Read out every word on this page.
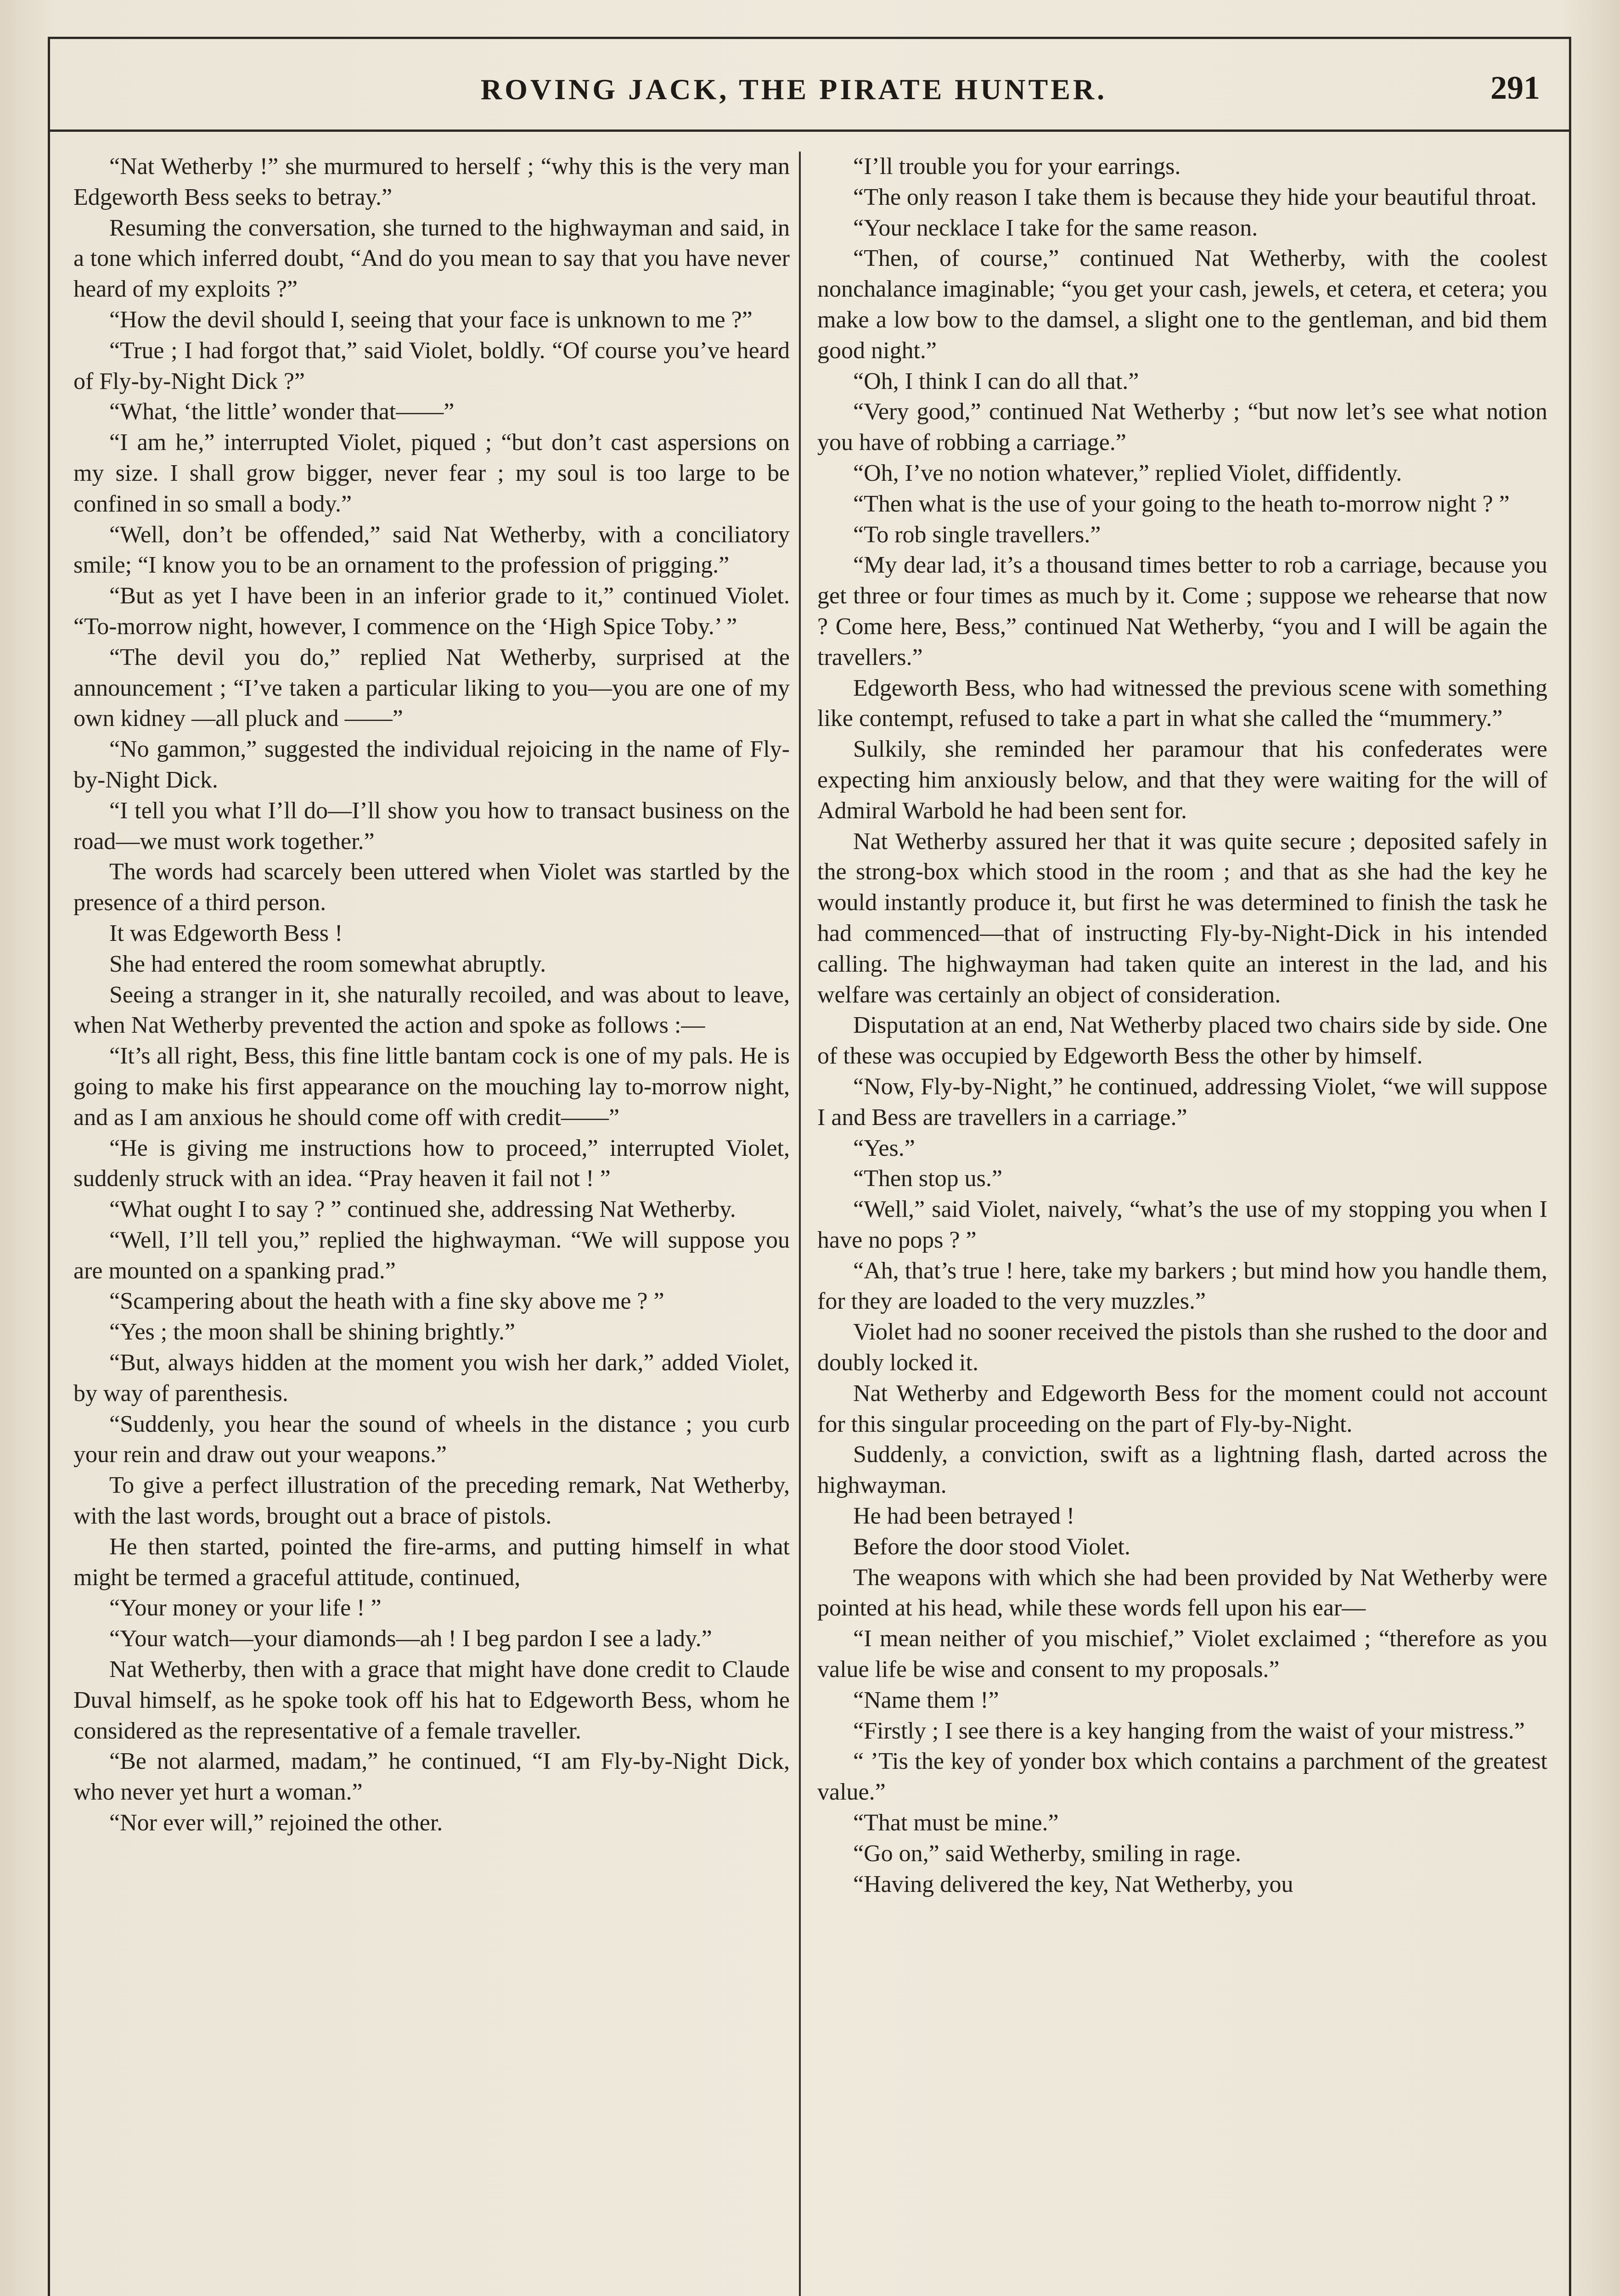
ROVING JACK, THE PIRATE HUNTER.	291

“Nat Wetherby !” she murmured to herself ; “why this is the very man Edgeworth Bess seeks to betray.”

Resuming the conversation, she turned to the highwayman and said, in a tone which inferred doubt, “And do you mean to say that you have never heard of my exploits ?”

“How the devil should I, seeing that your face is unknown to me ?”

“True ; I had forgot that,” said Violet, boldly. “Of course you’ve heard of Fly-by-Night Dick ?”

“What, ‘the little’ wonder that——”

“I am he,” interrupted Violet, piqued ; “but don’t cast aspersions on my size. I shall grow bigger, never fear ; my soul is too large to be confined in so small a body.”

“Well, don’t be offended,” said Nat Wetherby, with a conciliatory smile; “I know you to be an ornament to the profession of prigging.”

“But as yet I have been in an inferior grade to it,” continued Violet. “To-morrow night, however, I commence on the ‘High Spice Toby.’ ”

“The devil you do,” replied Nat Wetherby, surprised at the announcement ; “I’ve taken a particular liking to you—you are one of my own kidney —all pluck and ——”

“No gammon,” suggested the individual rejoicing in the name of Fly-by-Night Dick.

“I tell you what I’ll do—I’ll show you how to transact business on the road—we must work together.”

The words had scarcely been uttered when Violet was startled by the presence of a third person.

It was Edgeworth Bess !

She had entered the room somewhat abruptly.

Seeing a stranger in it, she naturally recoiled, and was about to leave, when Nat Wetherby prevented the action and spoke as follows :—

“It’s all right, Bess, this fine little bantam cock is one of my pals. He is going to make his first appearance on the mouching lay to-morrow night, and as I am anxious he should come off with credit——”

“He is giving me instructions how to proceed,” interrupted Violet, suddenly struck with an idea. “Pray heaven it fail not ! ”

“What ought I to say ? ” continued she, addressing Nat Wetherby.

“Well, I’ll tell you,” replied the highwayman. “We will suppose you are mounted on a spanking prad.”

“Scampering about the heath with a fine sky above me ? ”

“Yes ; the moon shall be shining brightly.”

“But, always hidden at the moment you wish her dark,” added Violet, by way of parenthesis.

“Suddenly, you hear the sound of wheels in the distance ; you curb your rein and draw out your weapons.”

To give a perfect illustration of the preceding remark, Nat Wetherby, with the last words, brought out a brace of pistols.

He then started, pointed the fire-arms, and putting himself in what might be termed a graceful attitude, continued,

“Your money or your life ! ”

“Your watch—your diamonds—ah ! I beg pardon I see a lady.”

Nat Wetherby, then with a grace that might have done credit to Claude Duval himself, as he spoke took off his hat to Edgeworth Bess, whom he considered as the representative of a female traveller.

“Be not alarmed, madam,” he continued, “I am Fly-by-Night Dick, who never yet hurt a woman.”

“Nor ever will,” rejoined the other.

“I’ll trouble you for your earrings.

“The only reason I take them is because they hide your beautiful throat.

“Your necklace I take for the same reason.

“Then, of course,” continued Nat Wetherby, with the coolest nonchalance imaginable; “you get your cash, jewels, et cetera, et cetera; you make a low bow to the damsel, a slight one to the gentleman, and bid them good night.”

“Oh, I think I can do all that.”

“Very good,” continued Nat Wetherby ; “but now let’s see what notion you have of robbing a carriage.”

“Oh, I’ve no notion whatever,” replied Violet, diffidently.

“Then what is the use of your going to the heath to-morrow night ? ”

“To rob single travellers.”

“My dear lad, it’s a thousand times better to rob a carriage, because you get three or four times as much by it. Come ; suppose we rehearse that now ? Come here, Bess,” continued Nat Wetherby, “you and I will be again the travellers.”

Edgeworth Bess, who had witnessed the previous scene with something like contempt, refused to take a part in what she called the “mummery.”

Sulkily, she reminded her paramour that his confederates were expecting him anxiously below, and that they were waiting for the will of Admiral Warbold he had been sent for.

Nat Wetherby assured her that it was quite secure ; deposited safely in the strong-box which stood in the room ; and that as she had the key he would instantly produce it, but first he was determined to finish the task he had commenced—that of instructing Fly-by-Night-Dick in his intended calling. The highwayman had taken quite an interest in the lad, and his welfare was certainly an object of consideration.

Disputation at an end, Nat Wetherby placed two chairs side by side. One of these was occupied by Edgeworth Bess the other by himself.

“Now, Fly-by-Night,” he continued, addressing Violet, “we will suppose I and Bess are travellers in a carriage.”

“Yes.”

“Then stop us.”

“Well,” said Violet, naively, “what’s the use of my stopping you when I have no pops ? ”

“Ah, that’s true ! here, take my barkers ; but mind how you handle them, for they are loaded to the very muzzles.”

Violet had no sooner received the pistols than she rushed to the door and doubly locked it.

Nat Wetherby and Edgeworth Bess for the moment could not account for this singular proceeding on the part of Fly-by-Night.

Suddenly, a conviction, swift as a lightning flash, darted across the highwayman.

He had been betrayed !

Before the door stood Violet.

The weapons with which she had been provided by Nat Wetherby were pointed at his head, while these words fell upon his ear—

“I mean neither of you mischief,” Violet exclaimed ; “therefore as you value life be wise and consent to my proposals.”

“Name them !”

“Firstly ; I see there is a key hanging from the waist of your mistress.”

“ ’Tis the key of yonder box which contains a parchment of the greatest value.”

“That must be mine.”

“Go on,” said Wetherby, smiling in rage.

“Having delivered the key, Nat Wetherby, you
